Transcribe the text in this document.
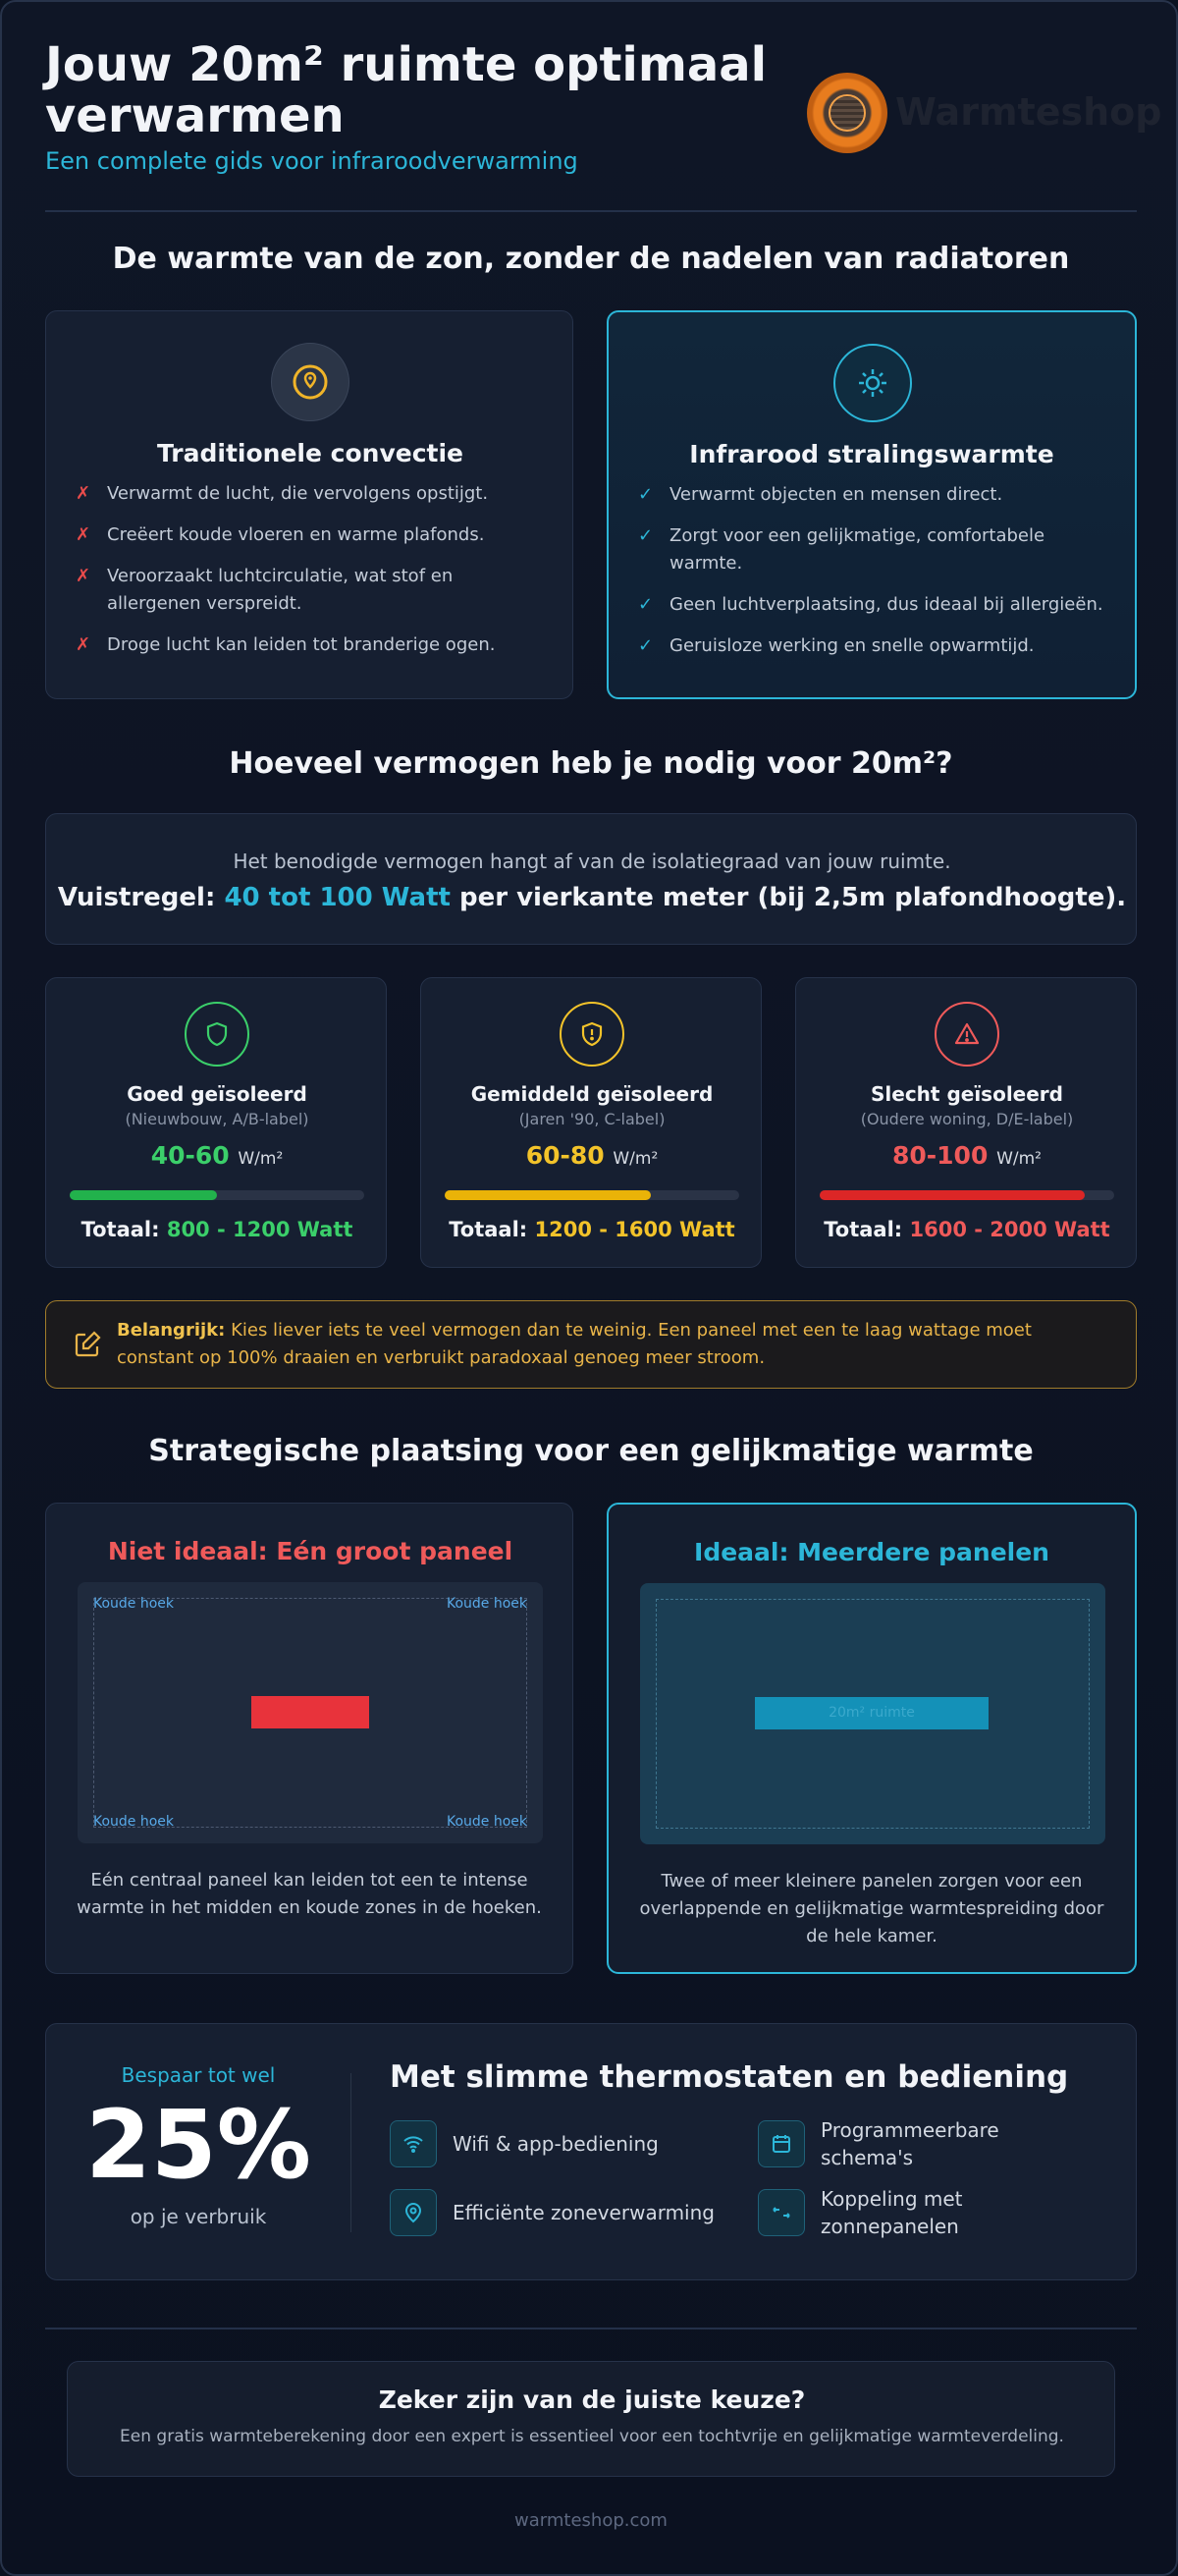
Jouw 20m² ruimte optimaal verwarmen
Een complete gids voor infraroodverwarming
Warmteshop
De warmte van de zon, zonder de nadelen van radiatoren
Traditionele convectie
✗ Verwarmt de lucht, die vervolgens opstijgt.
✗ Creëert koude vloeren en warme plafonds.
✗ Veroorzaakt luchtcirculatie, wat stof en allergenen verspreidt.
✗ Droge lucht kan leiden tot branderige ogen.
Infrarood stralingswarmte
✓ Verwarmt objecten en mensen direct.
✓ Zorgt voor een gelijkmatige, comfortabele warmte.
✓ Geen luchtverplaatsing, dus ideaal bij allergieën.
✓ Geruisloze werking en snelle opwarmtijd.
Hoeveel vermogen heb je nodig voor 20m²?
Het benodigde vermogen hangt af van de isolatiegraad van jouw ruimte.
Vuistregel: 40 tot 100 Watt per vierkante meter (bij 2,5m plafondhoogte).
Goed geïsoleerd
(Nieuwbouw, A/B-label)
40-60 W/m²
Totaal: 800 - 1200 Watt
Gemiddeld geïsoleerd
(Jaren '90, C-label)
60-80 W/m²
Totaal: 1200 - 1600 Watt
Slecht geïsoleerd
(Oudere woning, D/E-label)
80-100 W/m²
Totaal: 1600 - 2000 Watt
Belangrijk: Kies liever iets te veel vermogen dan te weinig. Een paneel met een te laag wattage moet constant op 100% draaien en verbruikt paradoxaal genoeg meer stroom.
Strategische plaatsing voor een gelijkmatige warmte
Niet ideaal: Eén groot paneel
Koude hoek	Koude hoek
Koude hoek	Koude hoek
Eén centraal paneel kan leiden tot een te intense warmte in het midden en koude zones in de hoeken.
Ideaal: Meerdere panelen
20m² ruimte
Twee of meer kleinere panelen zorgen voor een overlappende en gelijkmatige warmtespreiding door de hele kamer.
Bespaar tot wel
25%
op je verbruik
Met slimme thermostaten en bediening
Wifi & app-bediening
Programmeerbare schema's
Efficiënte zoneverwarming
Koppeling met zonnepanelen
Zeker zijn van de juiste keuze?
Een gratis warmteberekening door een expert is essentieel voor een tochtvrije en gelijkmatige warmteverdeling.
warmteshop.com
